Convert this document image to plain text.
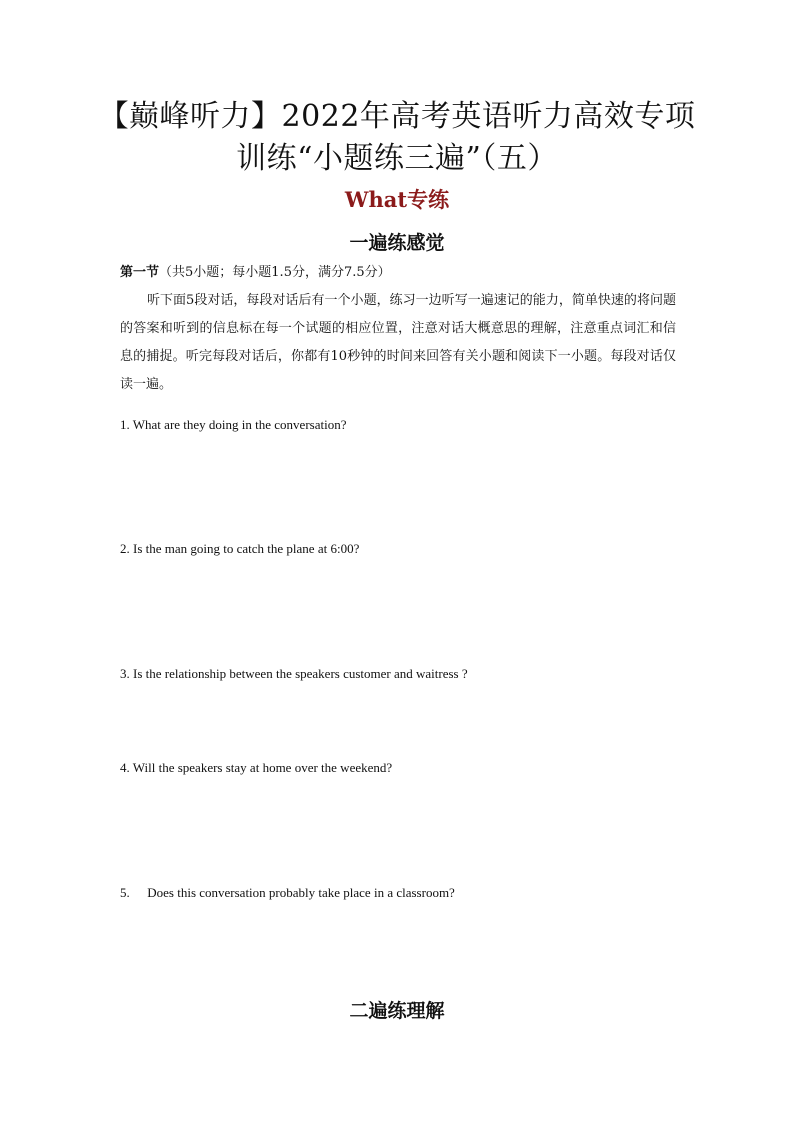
【巅峰听力】2022年高考英语听力高效专项
训练“小题练三遍”（五）
What专练
一遍练感觉
第一节（共5小题；每小题1.5分，满分7.5分）

听下面5段对话，每段对话后有一个小题，练习一边听写一遍速记的能力，简单快速的将问题的答案和听到的信息标在每一个试题的相应位置，注意对话大概意思的理解，注意重点词汇和信息的捕捉。听完每段对话后，你都有10秒钟的时间来回答有关小题和阅读下一小题。每段对话仅读一遍。

1. What are they doing in the conversation?

2. Is the man going to catch the plane at 6:00?

3. Is the relationship between the speakers customer and waitress ?

4. Will the speakers stay at home over the weekend?

5. Does this conversation probably take place in a classroom?

二遍练理解
